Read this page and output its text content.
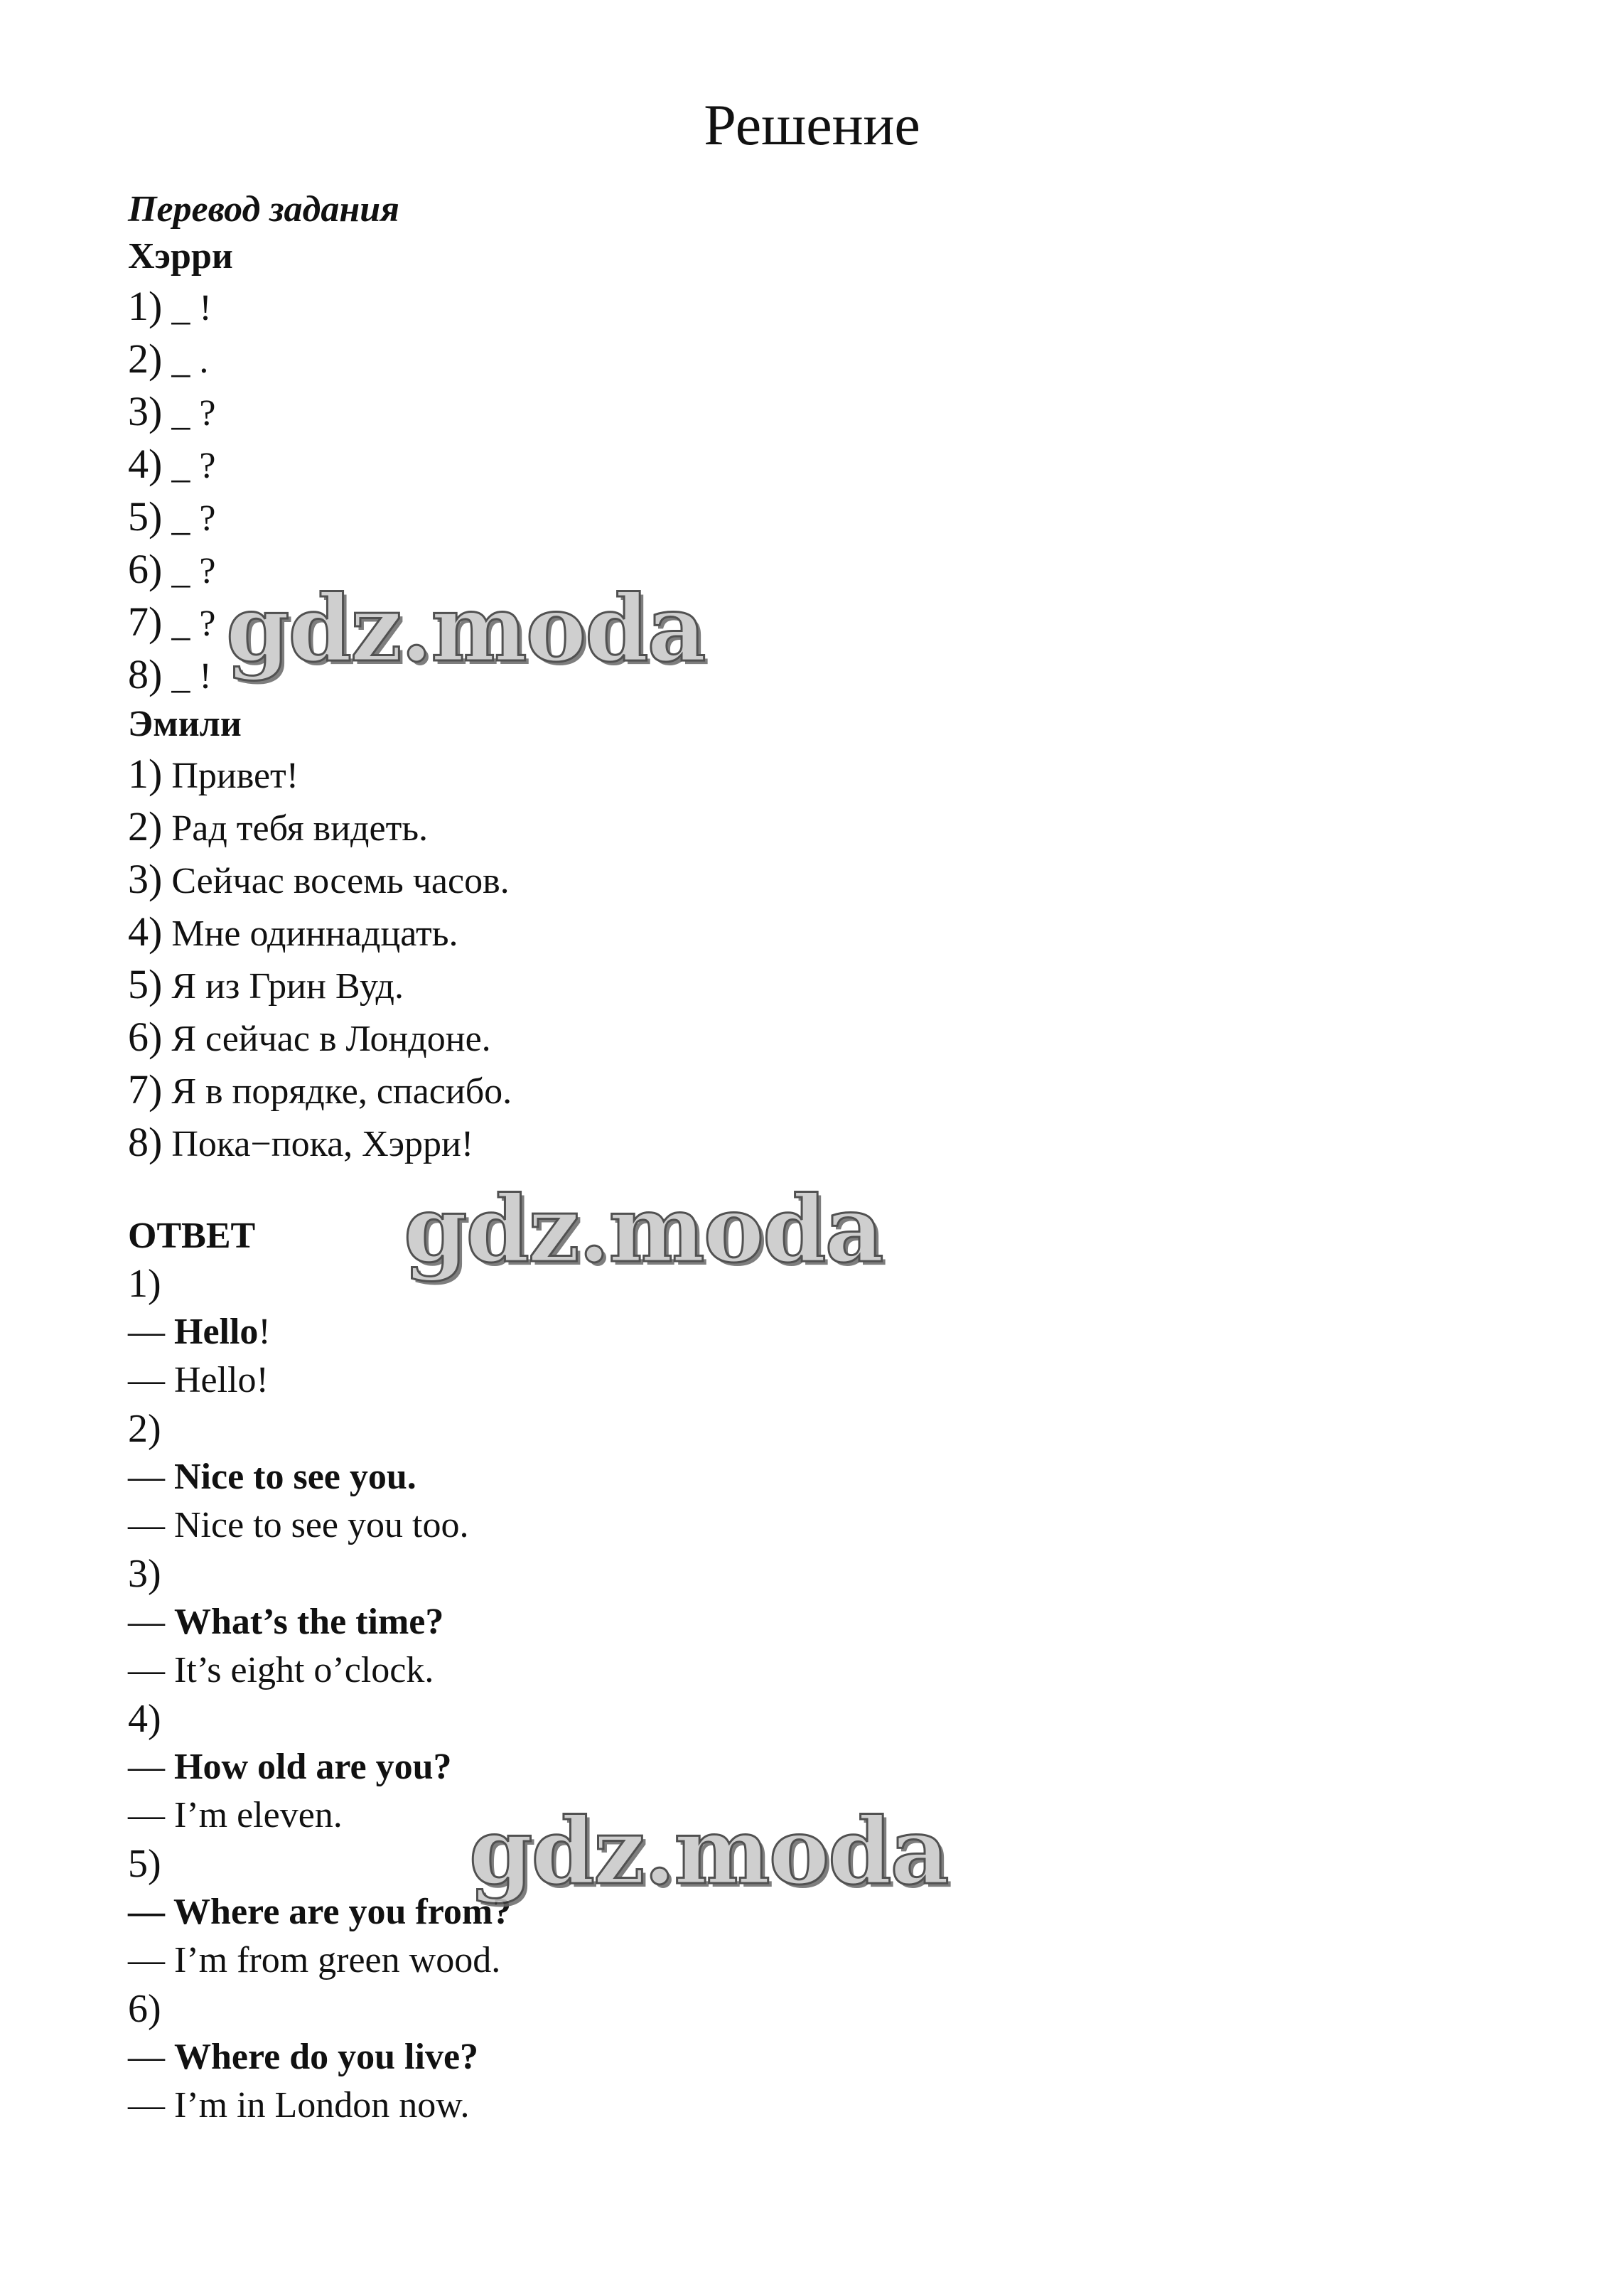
Решение
Перевод задания
Хэрри
1) _ !
2) _ .
3) _ ?
4) _ ?
5) _ ?
6) _ ?
7) _ ?
8) _ !
Эмили
1) Привет!
2) Рад тебя видеть.
3) Сейчас восемь часов.
4) Мне одиннадцать.
5) Я из Грин Вуд.
6) Я сейчас в Лондоне.
7) Я в порядке, спасибо.
8) Пока−пока, Хэрри!
ОТВЕТ
1)
— Hello!
— Hello!
2)
— Nice to see you.
— Nice to see you too.
3)
— What’s the time?
— It’s eight o’clock.
4)
— How old are you?
— I’m eleven.
5)
— Where are you from?
— I’m from green wood.
6)
— Where do you live?
— I’m in London now.
gdz.moda
gdz.moda
gdz.moda
